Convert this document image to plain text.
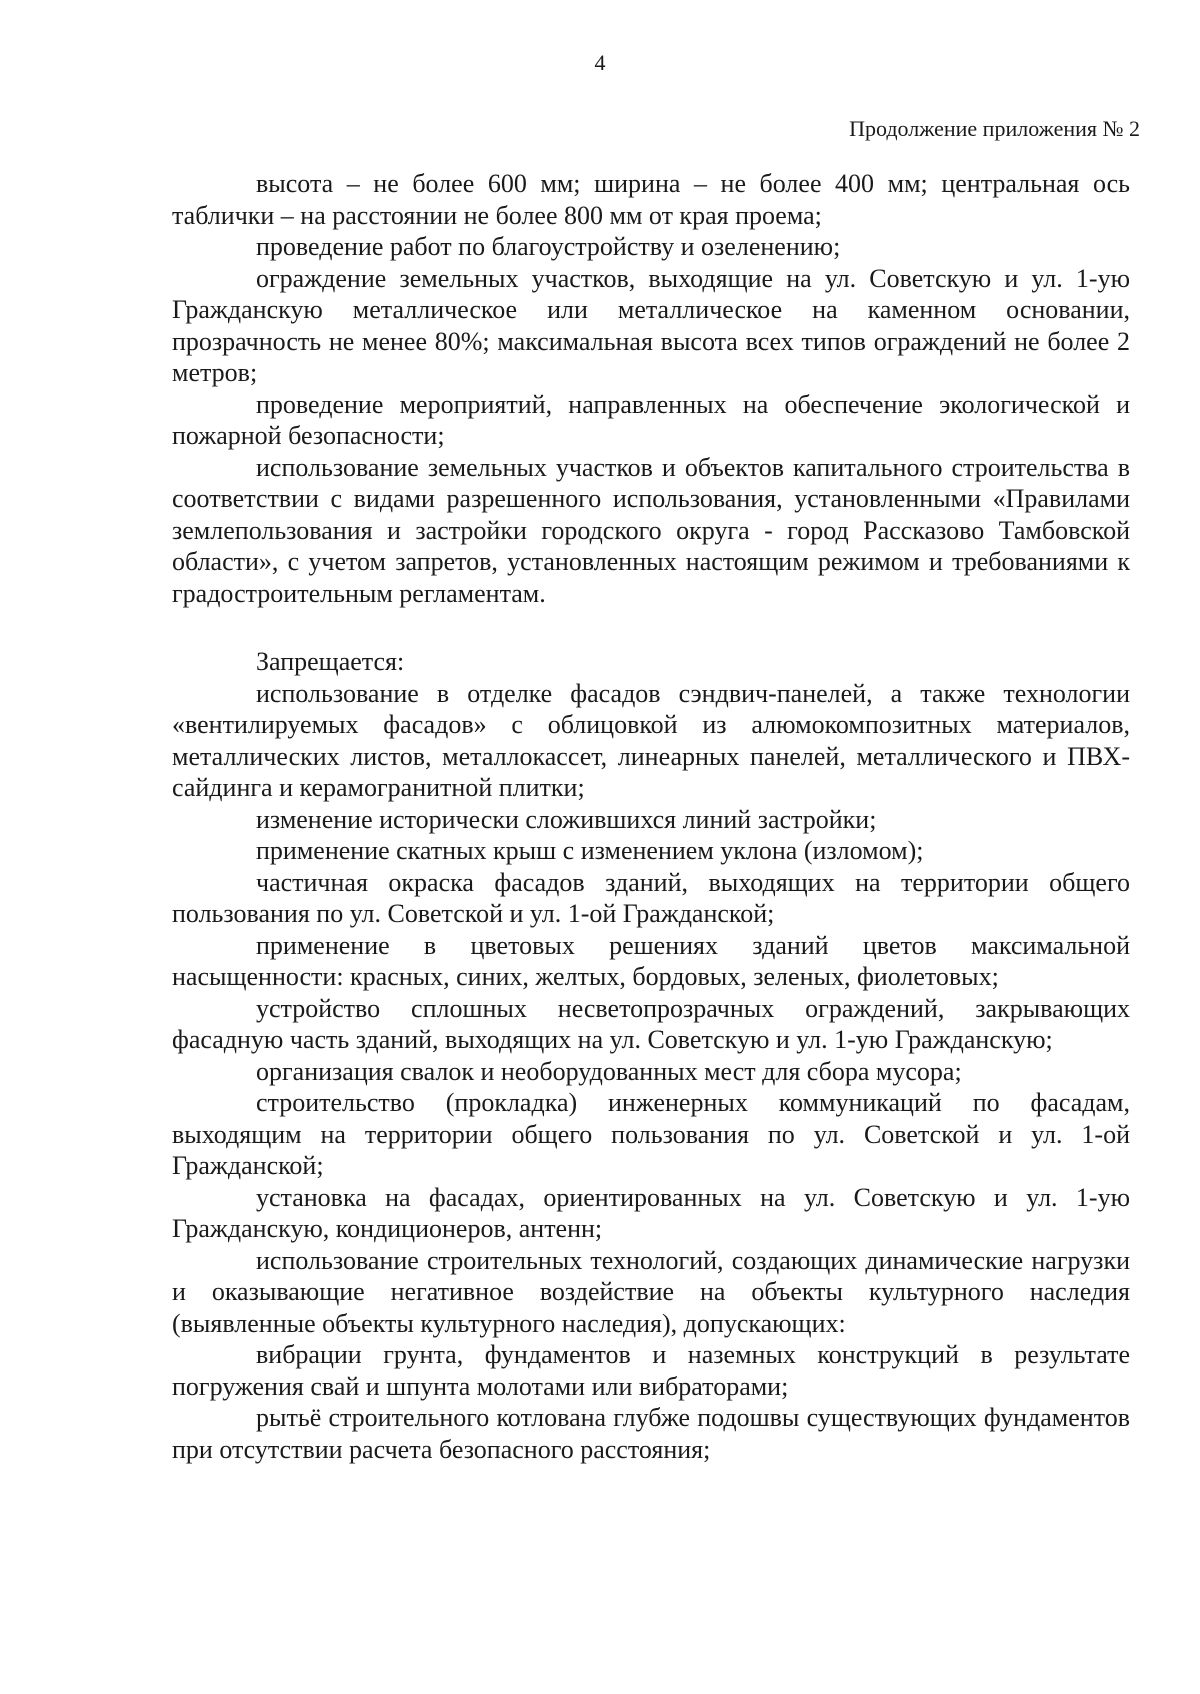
4
Продолжение приложения № 2

высота – не более 600 мм; ширина – не более 400 мм; центральная ось таблички – на расстоянии не более 800 мм от края проема;

проведение работ по благоустройству и озеленению;

ограждение земельных участков, выходящие на ул. Советскую и ул. 1-ую Гражданскую металлическое или металлическое на каменном основании, прозрачность не менее 80%; максимальная высота всех типов ограждений не более 2 метров;

проведение мероприятий, направленных на обеспечение экологической и пожарной безопасности;

использование земельных участков и объектов капитального строительства в соответствии с видами разрешенного использования, установленными «Правилами землепользования и застройки городского округа - город Рассказово Тамбовской области», с учетом запретов, установленных настоящим режимом и требованиями к градостроительным регламентам.

Запрещается:

использование в отделке фасадов сэндвич-панелей, а также технологии «вентилируемых фасадов» с облицовкой из алюмокомпозитных материалов, металлических листов, металлокассет, линеарных панелей, металлического и ПВХ-сайдинга и керамогранитной плитки;

изменение исторически сложившихся линий застройки;

применение скатных крыш с изменением уклона (изломом);

частичная окраска фасадов зданий, выходящих на территории общего пользования по ул. Советской и ул. 1-ой Гражданской;

применение в цветовых решениях зданий цветов максимальной насыщенности: красных, синих, желтых, бордовых, зеленых, фиолетовых;

устройство сплошных несветопрозрачных ограждений, закрывающих фасадную часть зданий, выходящих на ул. Советскую и ул. 1-ую Гражданскую;

организация свалок и необорудованных мест для сбора мусора;

строительство (прокладка) инженерных коммуникаций по фасадам, выходящим на территории общего пользования по ул. Советской и ул. 1-ой Гражданской;

установка на фасадах, ориентированных на ул. Советскую и ул. 1-ую Гражданскую, кондиционеров, антенн;

использование строительных технологий, создающих динамические нагрузки и оказывающие негативное воздействие на объекты культурного наследия (выявленные объекты культурного наследия), допускающих:

вибрации грунта, фундаментов и наземных конструкций в результате погружения свай и шпунта молотами или вибраторами;

рытьё строительного котлована глубже подошвы существующих фундаментов при отсутствии расчета безопасного расстояния;
